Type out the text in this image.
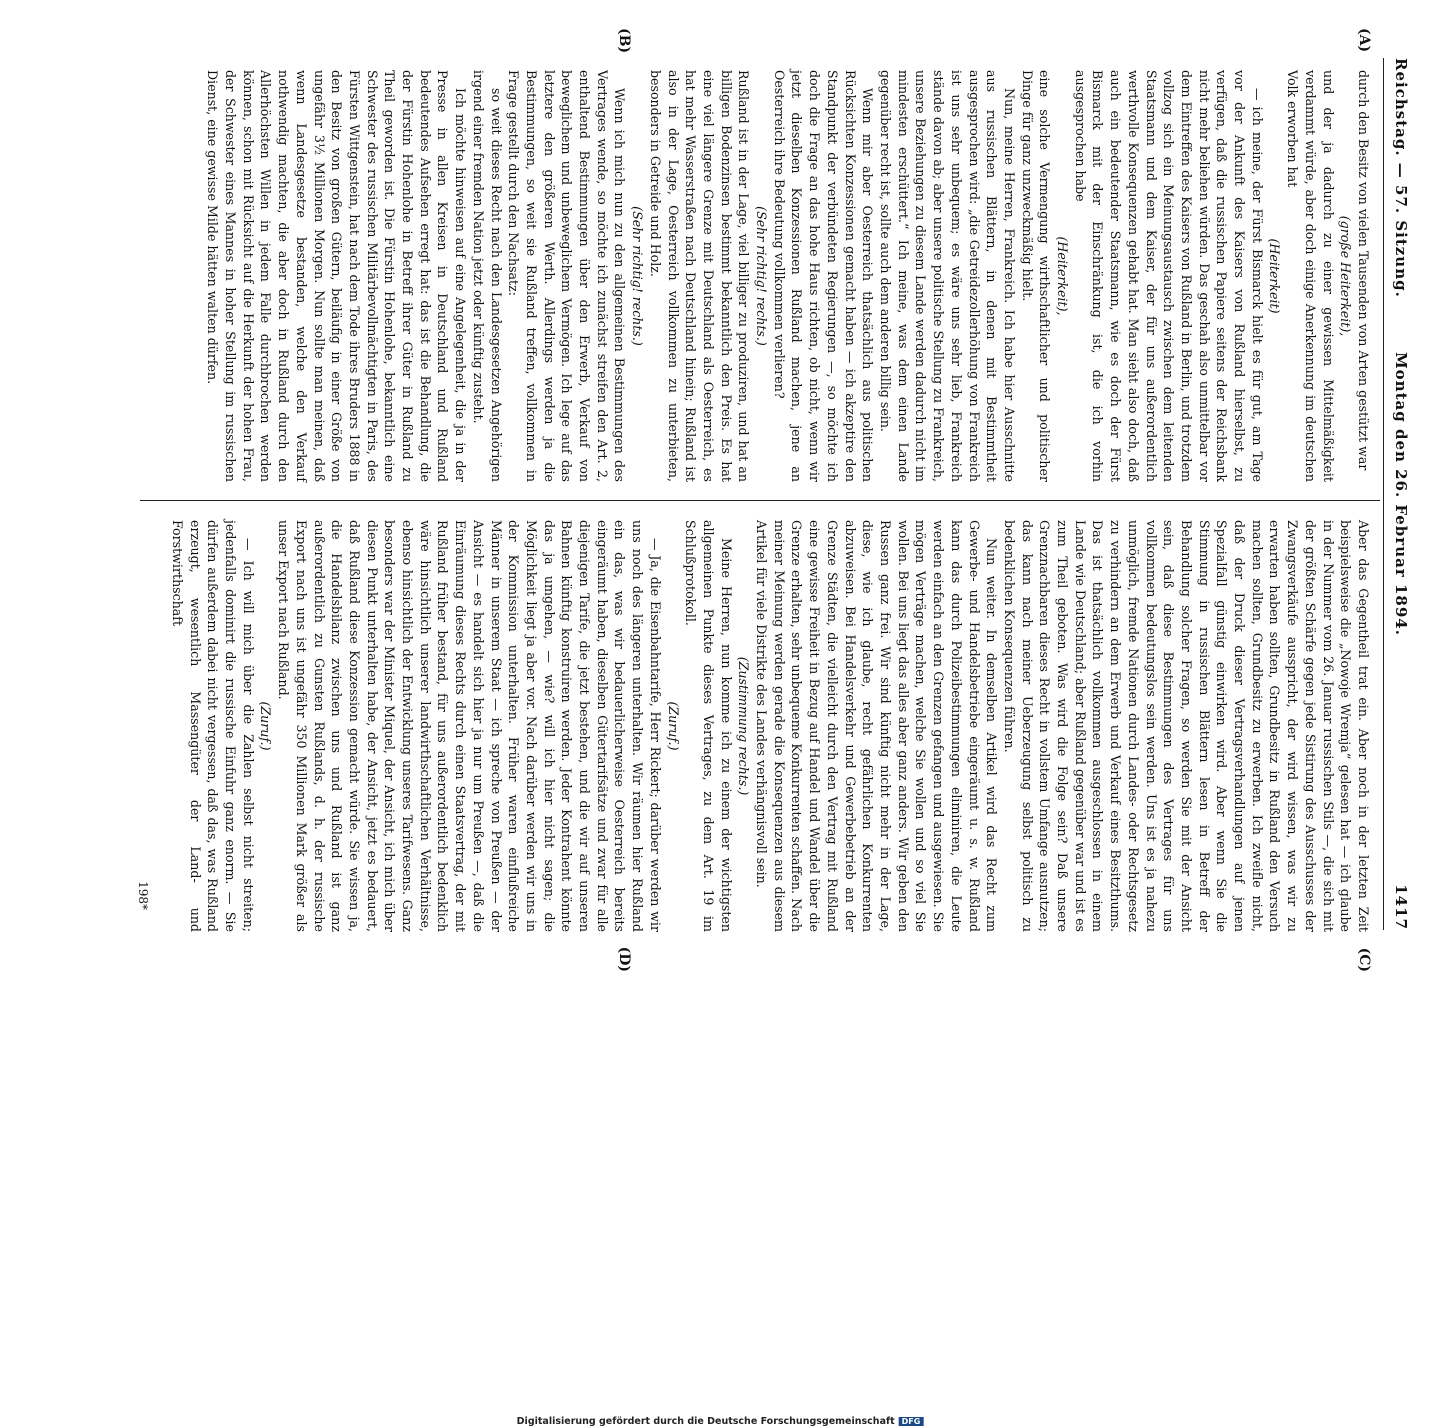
Reichstag. — 57. Sitzung.
Montag den 26. Februar 1894.
1417
(A)
(B)
(C)
(D)

durch den Besitz von vielen Tausenden von Arten gestützt war

(große Heiterkeit),

und der ja dadurch zu einer gewissen Mittelmäßigkeit verdammt würde, aber doch einige Anerkennung im deutschen Volk erworben hat

(Heiterkeit)

— ich meine, der Fürst Bismarck hielt es für gut, am Tage vor der Ankunft des Kaisers von Rußland hierselbst, zu verfügen, daß die russischen Papiere seitens der Reichsbank nicht mehr beliehen würden. Das geschah also unmittelbar vor dem Eintreffen des Kaisers von Rußland in Berlin, und trotzdem vollzog sich ein Meinungsaustausch zwischen dem leitenden Staatsmann und dem Kaiser, der für uns außerordentlich werthvolle Konsequenzen gehabt hat. Man sieht also doch, daß auch ein bedeutender Staatsmann, wie es doch der Fürst Bismarck mit der Einschränkung ist, die ich vorhin ausgesprochen habe

(Heiterkeit),

eine solche Vermengung wirthschaftlicher und politischer Dinge für ganz unzweckmäßig hielt.

Nun, meine Herren, Frankreich. Ich habe hier Ausschnitte aus russischen Blättern, in denen mit Bestimmtheit ausgesprochen wird: „die Getreidezollerhöhung von Frankreich ist uns sehr unbequem; es wäre uns sehr lieb, Frankreich stände davon ab; aber unsere politische Stellung zu Frankreich, unsere Beziehungen zu diesem Lande werden dadurch nicht im mindesten erschüttert.“ Ich meine, was dem einen Lande gegenüber recht ist, sollte auch dem anderen billig sein.

Wenn mir aber Oesterreich thatsächlich aus politischen Rücksichten Konzessionen gemacht haben — ich akzeptire den Standpunkt der verbündeten Regierungen —, so möchte ich doch die Frage an das hohe Haus richten, ob nicht, wenn wir jetzt dieselben Konzessionen Rußland machen, jene an Oesterreich ihre Bedeutung vollkommen verlieren?

(Sehr richtig! rechts.)

Rußland ist in der Lage, viel billiger zu produziren, und hat an billigen Bodenzinsen bestimmt bekanntlich den Preis. Es hat eine viel längere Grenze mit Deutschland als Oesterreich, es hat mehr Wasserstraßen nach Deutschland hinein; Rußland ist also in der Lage, Oesterreich vollkommen zu unterbieten, besonders in Getreide und Holz.

(Sehr richtig! rechts.)

Wenn ich mich nun zu den allgemeinen Bestimmungen des Vertrages wende, so möchte ich zunächst streifen den Art. 2, enthaltend Bestimmungen über den Erwerb, Verkauf von beweglichem und unbeweglichem Vermögen. Ich lege auf das letztere den größeren Werth. Allerdings werden ja die Bestimmungen, so weit sie Rußland treffen, vollkommen in Frage gestellt durch den Nachsatz:

so weit dieses Recht nach den Landesgesetzen Angehörigen irgend einer fremden Nation jetzt oder künftig zusteht.

Ich möchte hinweisen auf eine Angelegenheit, die ja in der Presse in allen Kreisen in Deutschland und Rußland bedeutendes Aufsehen erregt hat: das ist die Behandlung, die der Fürstin Hohenlohe in Betreff ihrer Güter in Rußland zu Theil geworden ist. Die Fürstin Hohenlohe, bekanntlich eine Schwester des russischen Militärbevollmächtigten in Paris, des Fürsten Wittgenstein, hat nach dem Tode ihres Bruders 1888 in den Besitz von großen Gütern, beiläufig in einer Größe von ungefähr 3½ Millionen Morgen. Nun sollte man meinen, daß wenn Landesgesetze bestanden, welche den Verkauf nothwendig machten, die aber doch in Rußland durch den Allerhöchsten Willen in jedem Falle durchbrochen werden können, schon mit Rücksicht auf die Herkunft der hohen Frau, der Schwester eines Mannes in hoher Stellung im russischen Dienst, eine gewisse Milde hätten walten dürfen.

Aber das Gegentheil trat ein. Aber noch in der letzten Zeit beispielsweise die „Nowoje Wremja“ gelesen hat — ich glaube in der Nummer vom 26. Januar russischen Stils —, die sich mit der größten Schärfe gegen jede Sistirung des Ausschusses der Zwangsverkäufe ausspricht, der wird wissen, was wir zu erwarten haben sollten, Grundbesitz in Rußland den Versuch machen sollten, Grundbesitz zu erwerben. Ich zweifle nicht, daß der Druck dieser Vertragsverhandlungen auf jenen Spezialfall günstig einwirken wird. Aber wenn Sie die Stimmung in russischen Blättern lesen in Betreff der Behandlung solcher Fragen, so werden Sie mit der Ansicht sein, daß diese Bestimmungen des Vertrages für uns vollkommen bedeutungslos sein werden. Uns ist es ja nahezu unmöglich, fremde Nationen durch Landes- oder Rechtsgesetz zu verhindern an dem Erwerb und Verkauf eines Besitzthums. Das ist thatsächlich vollkommen ausgeschlossen in einem Lande wie Deutschland; aber Rußland gegenüber war und ist es zum Theil geboten. Was wird die Folge sein? Daß unsere Grenznachbaren dieses Recht in vollstem Umfange ausnutzen; das kann nach meiner Ueberzeugung selbst politisch zu bedenklichen Konsequenzen führen.

Nun weiter. In demselben Artikel wird das Recht zum Gewerbe- und Handelsbetriebe eingeräumt u. s. w. Rußland kann das durch Polizeibestimmungen eliminiren, die Leute werden einfach an den Grenzen gefangen und ausgewiesen. Sie mögen Verträge machen, welche Sie wollen und so viel Sie wollen. Bei uns liegt das alles aber ganz anders. Wir geben den Russen ganz frei. Wir sind künftig nicht mehr in der Lage, diese, wie ich glaube, recht gefährlichen Konkurrenten abzuweisen. Bei Handelsverkehr und Gewerbebetrieb an der Grenze Städten, die vielleicht durch den Vertrag mit Rußland eine gewisse Freiheit in Bezug auf Handel und Wandel über die Grenze erhalten, sehr unbequeme Konkurrenten schaffen. Nach meiner Meinung werden gerade die Konsequenzen aus diesem Artikel für viele Distrikte des Landes verhängnisvoll sein.

(Zustimmung rechts.)

Meine Herren, nun komme ich zu einem der wichtigsten allgemeinen Punkte dieses Vertrages, zu dem Art. 19 im Schlußprotokoll.

(Zuruf.)

— Ja, die Eisenbahntarife, Herr Rickert; darüber werden wir uns noch des längeren unterhalten. Wir räumen hier Rußland ein das, was wir bedauerlicherweise Oesterreich bereits eingeräumt haben, dieselben Gütertarifsätze und zwar für alle diejenigen Tarife, die jetzt bestehen, und die wir auf unseren Bahnen künftig konstruiren werden. Jeder Kontrahent könnte das ja umgehen, — wie? will ich hier nicht sagen; die Möglichkeit liegt ja aber vor. Nach darüber werden wir uns in der Kommission unterhalten. Früher waren einflußreiche Männer in unserem Staat — ich spreche von Preußen — der Ansicht — es handelt sich hier ja nur um Preußen —, daß die Einräumung dieses Rechts durch einen Staatsvertrag, der mit Rußland früher bestand, für uns außerordentlich bedenklich wäre hinsichtlich unserer landwirthschaftlichen Verhältnisse, ebenso hinsichtlich der Entwicklung unseres Tarifwesens. Ganz besonders war der Minister Miquel, der Ansicht, ich mich über diesen Punkt unterhalten habe, der Ansicht, jetzt es bedauert, daß Rußland diese Konzession gemacht würde. Sie wissen ja, die Handelsbilanz zwischen uns und Rußland ist ganz außerordentlich zu Gunsten Rußlands, d. h. der russische Export nach uns ist ungefähr 350 Millionen Mark größer als unser Export nach Rußland.

(Zuruf.)

— Ich will mich über die Zahlen selbst nicht streiten; jedenfalls dominirt die russische Einfuhr ganz enorm. — Sie dürfen außerdem dabei nicht vergessen, daß das, was Rußland erzeugt, wesentlich Massengüter der Land- und Forstwirthschaft

198*
Digitalisierung gefördert durch die Deutsche Forschungsgemeinschaft DFG
